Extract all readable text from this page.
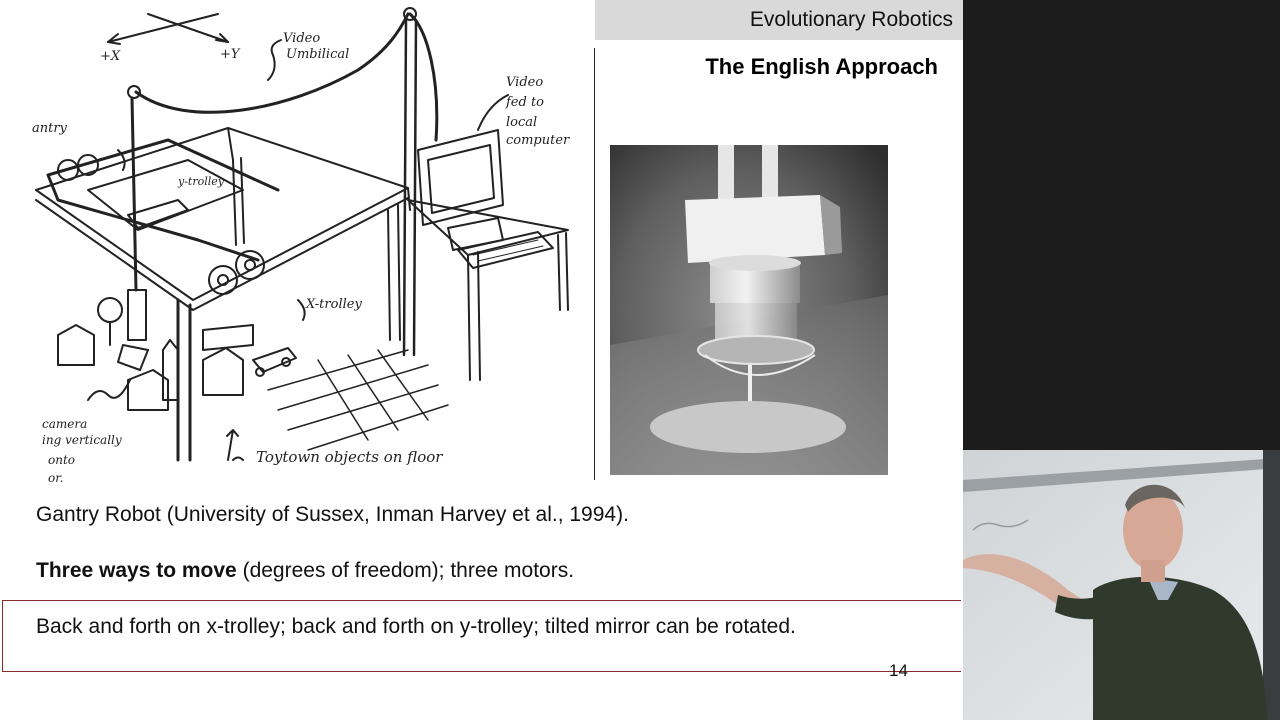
Evolutionary Robotics
The English Approach
+X	+Y
Video
Umbilical
antry
Video
fed to
local
computer
y-trolley
X-trolley
camera
ing vertically
onto
or.
Toytown objects on floor
Gantry Robot (University of Sussex, Inman Harvey et al., 1994).
Three ways to move (degrees of freedom); three motors.
Back and forth on x-trolley; back and forth on y-trolley; tilted mirror can be rotated.
14
